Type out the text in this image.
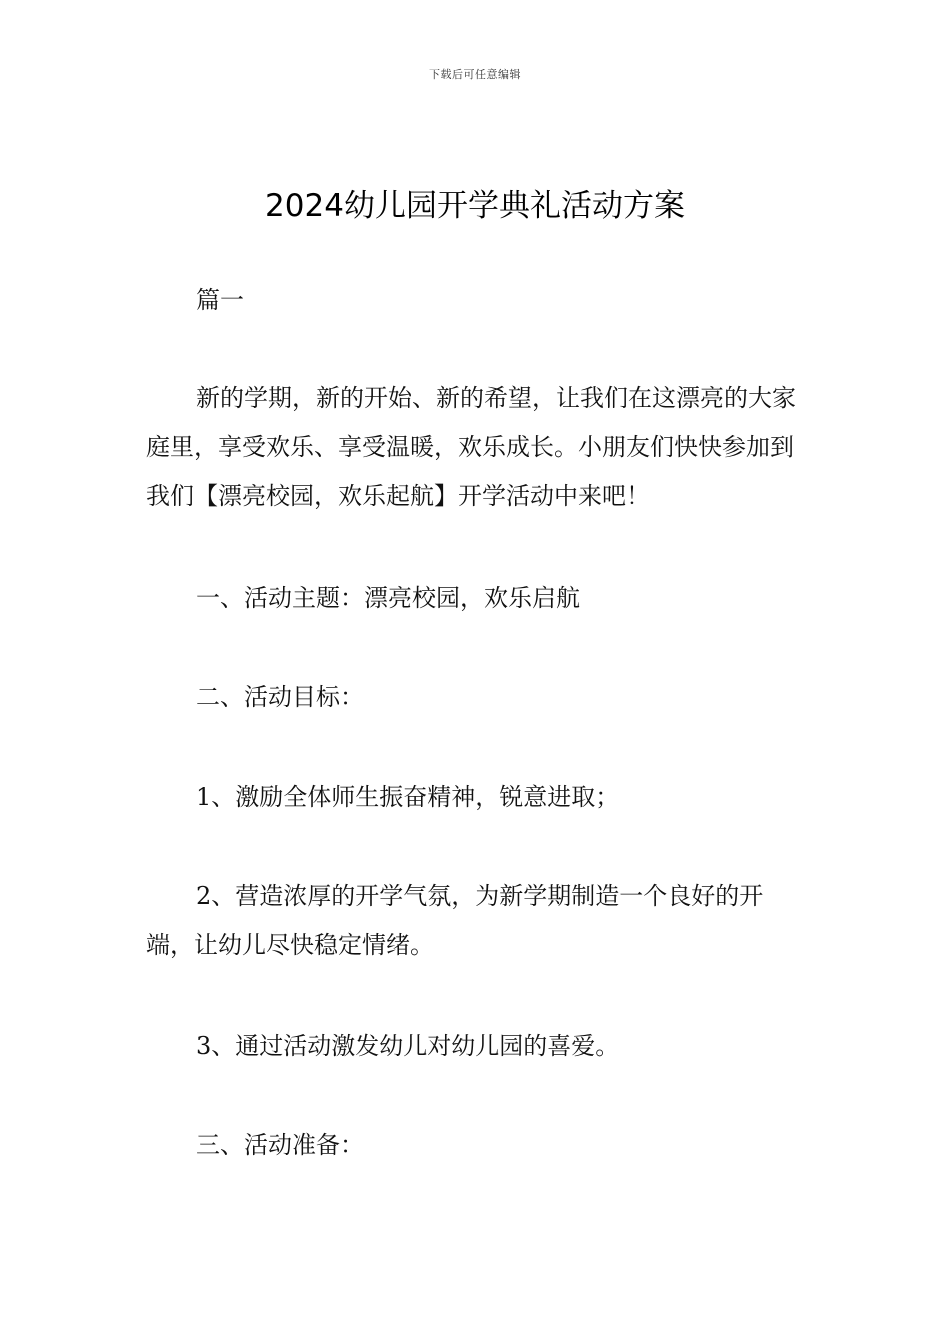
下载后可任意编辑
2024幼儿园开学典礼活动方案

篇一

新的学期，新的开始、新的希望，让我们在这漂亮的大家庭里，享受欢乐、享受温暖，欢乐成长。小朋友们快快参加到我们【漂亮校园，欢乐起航】开学活动中来吧！

一、活动主题：漂亮校园，欢乐启航

二、活动目标：

1、激励全体师生振奋精神，锐意进取；

2、营造浓厚的开学气氛，为新学期制造一个良好的开端，让幼儿尽快稳定情绪。

3、通过活动激发幼儿对幼儿园的喜爱。

三、活动准备：
